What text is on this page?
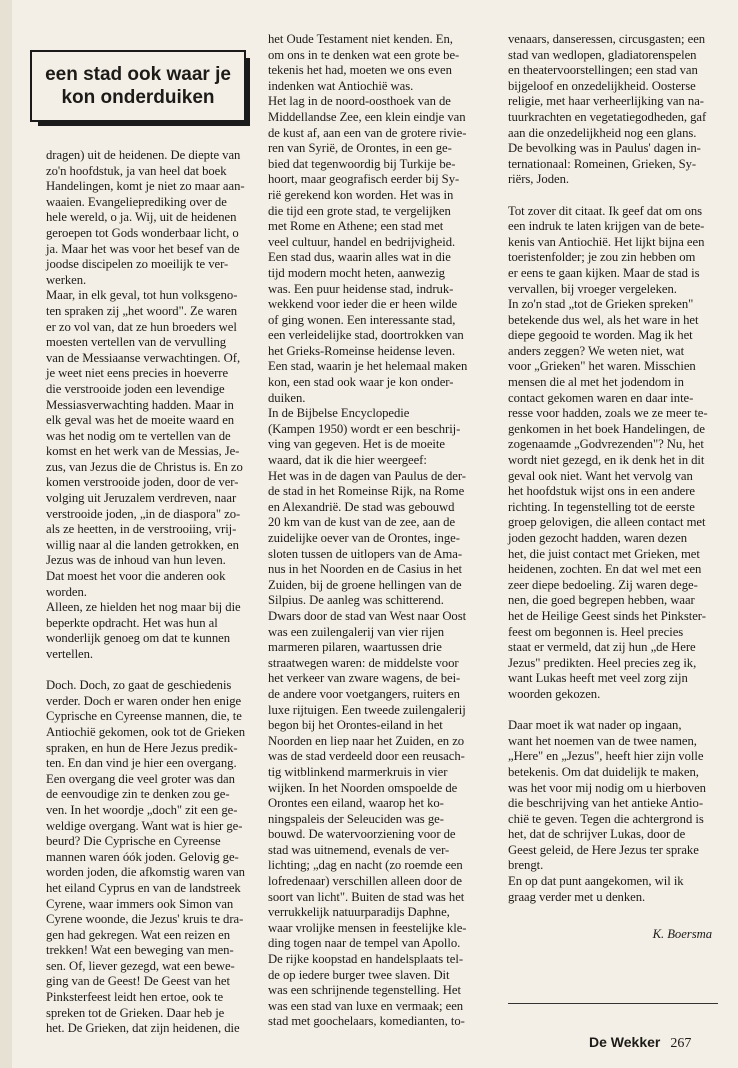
dragen) uit de heidenen. De diepte van
zo'n hoofdstuk, ja van heel dat boek
Handelingen, komt je niet zo maar aan-
waaien. Evangelieprediking over de
hele wereld, o ja. Wij, uit de heidenen
geroepen tot Gods wonderbaar licht, o
ja. Maar het was voor het besef van de
joodse discipelen zo moeilijk te ver-
werken.

Maar, in elk geval, tot hun volksgeno-
ten spraken zij „het woord". Ze waren
er zo vol van, dat ze hun broeders wel
moesten vertellen van de vervulling
van de Messiaanse verwachtingen. Of,
je weet niet eens precies in hoeverre
die verstrooide joden een levendige
Messiasverwachting hadden. Maar in
elk geval was het de moeite waard en
was het nodig om te vertellen van de
komst en het werk van de Messias, Je-
zus, van Jezus die de Christus is. En zo
komen verstrooide joden, door de ver-
volging uit Jeruzalem verdreven, naar
verstrooide joden, „in de diaspora" zo-
als ze heetten, in de verstrooiing, vrij-
willig naar al die landen getrokken, en
Jezus was de inhoud van hun leven.
Dat moest het voor die anderen ook
worden.

Alleen, ze hielden het nog maar bij die
beperkte opdracht. Het was hun al
wonderlijk genoeg om dat te kunnen
vertellen.

Doch. Doch, zo gaat de geschiedenis
verder. Doch er waren onder hen enige
Cyprische en Cyreense mannen, die, te
Antiochië gekomen, ook tot de Grieken
spraken, en hun de Here Jezus predik-
ten. En dan vind je hier een overgang.
Een overgang die veel groter was dan
de eenvoudige zin te denken zou ge-
ven. In het woordje „doch" zit een ge-
weldige overgang. Want wat is hier ge-
beurd? Die Cyprische en Cyreense
mannen waren óók joden. Gelovig ge-
worden joden, die afkomstig waren van
het eiland Cyprus en van de landstreek
Cyrene, waar immers ook Simon van
Cyrene woonde, die Jezus' kruis te dra-
gen had gekregen. Wat een reizen en
trekken! Wat een beweging van men-
sen. Of, liever gezegd, wat een bewe-
ging van de Geest! De Geest van het
Pinksterfeest leidt hen ertoe, ook te
spreken tot de Grieken. Daar heb je
het. De Grieken, dat zijn heidenen, die

een stad ook waar je
kon onderduiken

het Oude Testament niet kenden. En,
om ons in te denken wat een grote be-
tekenis het had, moeten we ons even
indenken wat Antiochië was.

Het lag in de noord-oosthoek van de
Middellandse Zee, een klein eindje van
de kust af, aan een van de grotere rivie-
ren van Syrië, de Orontes, in een ge-
bied dat tegenwoordig bij Turkije be-
hoort, maar geografisch eerder bij Sy-
rië gerekend kon worden. Het was in
die tijd een grote stad, te vergelijken
met Rome en Athene; een stad met
veel cultuur, handel en bedrijvigheid.
Een stad dus, waarin alles wat in die
tijd modern mocht heten, aanwezig
was. Een puur heidense stad, indruk-
wekkend voor ieder die er heen wilde
of ging wonen. Een interessante stad,
een verleidelijke stad, doortrokken van
het Grieks-Romeinse heidense leven.
Een stad, waarin je het helemaal maken
kon, een stad ook waar je kon onder-
duiken.

In de Bijbelse Encyclopedie
(Kampen 1950) wordt er een beschrij-
ving van gegeven. Het is de moeite
waard, dat ik die hier weergeef:

Het was in de dagen van Paulus de der-
de stad in het Romeinse Rijk, na Rome
en Alexandrië. De stad was gebouwd
20 km van de kust van de zee, aan de
zuidelijke oever van de Orontes, inge-
sloten tussen de uitlopers van de Ama-
nus in het Noorden en de Casius in het
Zuiden, bij de groene hellingen van de
Silpius. De aanleg was schitterend.
Dwars door de stad van West naar Oost
was een zuilengalerij van vier rijen
marmeren pilaren, waartussen drie
straatwegen waren: de middelste voor
het verkeer van zware wagens, de bei-
de andere voor voetgangers, ruiters en
luxe rijtuigen. Een tweede zuilengalerij
begon bij het Orontes-eiland in het
Noorden en liep naar het Zuiden, en zo
was de stad verdeeld door een reusach-
tig witblinkend marmerkruis in vier
wijken. In het Noorden omspoelde de
Orontes een eiland, waarop het ko-
ningspaleis der Seleuciden was ge-
bouwd. De watervoorziening voor de
stad was uitnemend, evenals de ver-
lichting; „dag en nacht (zo roemde een
lofredenaar) verschillen alleen door de
soort van licht". Buiten de stad was het
verrukkelijk natuurparadijs Daphne,
waar vrolijke mensen in feestelijke kle-
ding togen naar de tempel van Apollo.
De rijke koopstad en handelsplaats tel-
de op iedere burger twee slaven. Dit
was een schrijnende tegenstelling. Het
was een stad van luxe en vermaak; een
stad met goochelaars, komedianten, to-

venaars, danseressen, circusgasten; een
stad van wedlopen, gladiatorenspelen
en theatervoorstellingen; een stad van
bijgeloof en onzedelijkheid. Oosterse
religie, met haar verheerlijking van na-
tuurkrachten en vegetatiegodheden, gaf
aan die onzedelijkheid nog een glans.
De bevolking was in Paulus' dagen in-
ternationaal: Romeinen, Grieken, Sy-
riërs, Joden.

Tot zover dit citaat. Ik geef dat om ons
een indruk te laten krijgen van de bete-
kenis van Antiochië. Het lijkt bijna een
toeristenfolder; je zou zin hebben om
er eens te gaan kijken. Maar de stad is
vervallen, bij vroeger vergeleken.

In zo'n stad „tot de Grieken spreken"
betekende dus wel, als het ware in het
diepe gegooid te worden. Mag ik het
anders zeggen? We weten niet, wat
voor „Grieken" het waren. Misschien
mensen die al met het jodendom in
contact gekomen waren en daar inte-
resse voor hadden, zoals we ze meer te-
genkomen in het boek Handelingen, de
zogenaamde „Godvrezenden"? Nu, het
wordt niet gezegd, en ik denk het in dit
geval ook niet. Want het vervolg van
het hoofdstuk wijst ons in een andere
richting. In tegenstelling tot de eerste
groep gelovigen, die alleen contact met
joden gezocht hadden, waren dezen
het, die juist contact met Grieken, met
heidenen, zochten. En dat wel met een
zeer diepe bedoeling. Zij waren dege-
nen, die goed begrepen hebben, waar
het de Heilige Geest sinds het Pinkster-
feest om begonnen is. Heel precies
staat er vermeld, dat zij hun „de Here
Jezus" predikten. Heel precies zeg ik,
want Lukas heeft met veel zorg zijn
woorden gekozen.

Daar moet ik wat nader op ingaan,
want het noemen van de twee namen,
„Here" en „Jezus", heeft hier zijn volle
betekenis. Om dat duidelijk te maken,
was het voor mij nodig om u hierboven
die beschrijving van het antieke Antio-
chië te geven. Tegen die achtergrond is
het, dat de schrijver Lukas, door de
Geest geleid, de Here Jezus ter sprake
brengt.

En op dat punt aangekomen, wil ik
graag verder met u denken.

K. Boersma
De Wekker 267
